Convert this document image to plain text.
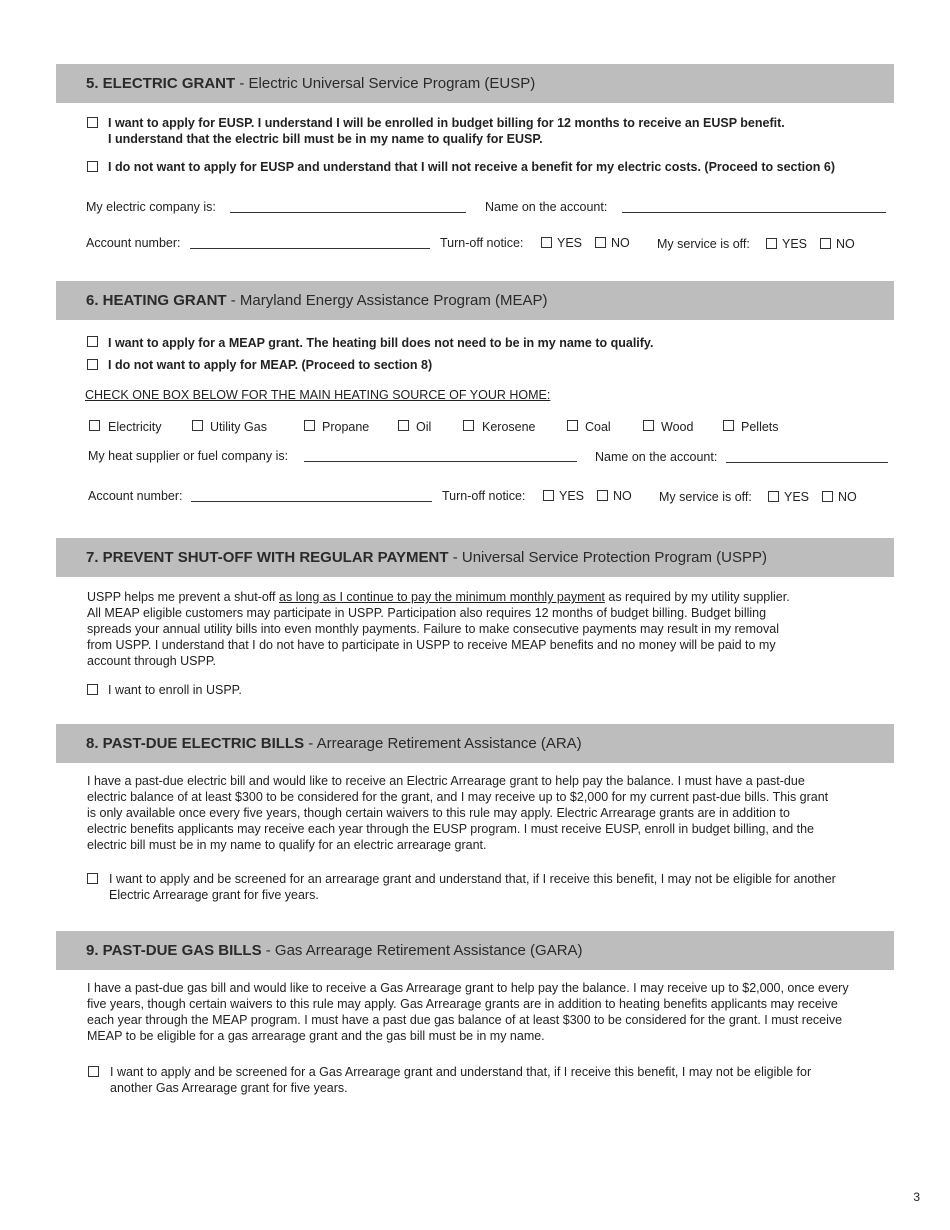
5. ELECTRIC GRANT - Electric Universal Service Program (EUSP)
I want to apply for EUSP. I understand I will be enrolled in budget billing for 12 months to receive an EUSP benefit.
I understand that the electric bill must be in my name to qualify for EUSP.
I do not want to apply for EUSP and understand that I will not receive a benefit for my electric costs. (Proceed to section 6)
My electric company is:	Name on the account:
Account number:	Turn-off notice:	YES NO My service is off:	YES NO
6. HEATING GRANT - Maryland Energy Assistance Program (MEAP)
I want to apply for a MEAP grant. The heating bill does not need to be in my name to qualify.
I do not want to apply for MEAP. (Proceed to section 8)
CHECK ONE BOX BELOW FOR THE MAIN HEATING SOURCE OF YOUR HOME:
Electricity	Utility Gas	Propane	Oil	Kerosene	Coal	Wood	Pellets
My heat supplier or fuel company is:	Name on the account:
Account number:	Turn-off notice:	YES NO My service is off:	YES NO
7. PREVENT SHUT-OFF WITH REGULAR PAYMENT - Universal Service Protection Program (USPP)
USPP helps me prevent a shut-off as long as I continue to pay the minimum monthly payment as required by my utility supplier.
All MEAP eligible customers may participate in USPP. Participation also requires 12 months of budget billing. Budget billing
spreads your annual utility bills into even monthly payments. Failure to make consecutive payments may result in my removal
from USPP. I understand that I do not have to participate in USPP to receive MEAP benefits and no money will be paid to my
account through USPP.
I want to enroll in USPP.
8. PAST-DUE ELECTRIC BILLS - Arrearage Retirement Assistance (ARA)
I have a past-due electric bill and would like to receive an Electric Arrearage grant to help pay the balance. I must have a past-due
electric balance of at least $300 to be considered for the grant, and I may receive up to $2,000 for my current past-due bills. This grant
is only available once every five years, though certain waivers to this rule may apply. Electric Arrearage grants are in addition to
electric benefits applicants may receive each year through the EUSP program. I must receive EUSP, enroll in budget billing, and the
electric bill must be in my name to qualify for an electric arrearage grant.
I want to apply and be screened for an arrearage grant and understand that, if I receive this benefit, I may not be eligible for another
Electric Arrearage grant for five years.
9. PAST-DUE GAS BILLS - Gas Arrearage Retirement Assistance (GARA)
I have a past-due gas bill and would like to receive a Gas Arrearage grant to help pay the balance. I may receive up to $2,000, once every
five years, though certain waivers to this rule may apply. Gas Arrearage grants are in addition to heating benefits applicants may receive
each year through the MEAP program. I must have a past due gas balance of at least $300 to be considered for the grant. I must receive
MEAP to be eligible for a gas arrearage grant and the gas bill must be in my name.
I want to apply and be screened for a Gas Arrearage grant and understand that, if I receive this benefit, I may not be eligible for
another Gas Arrearage grant for five years.
3
